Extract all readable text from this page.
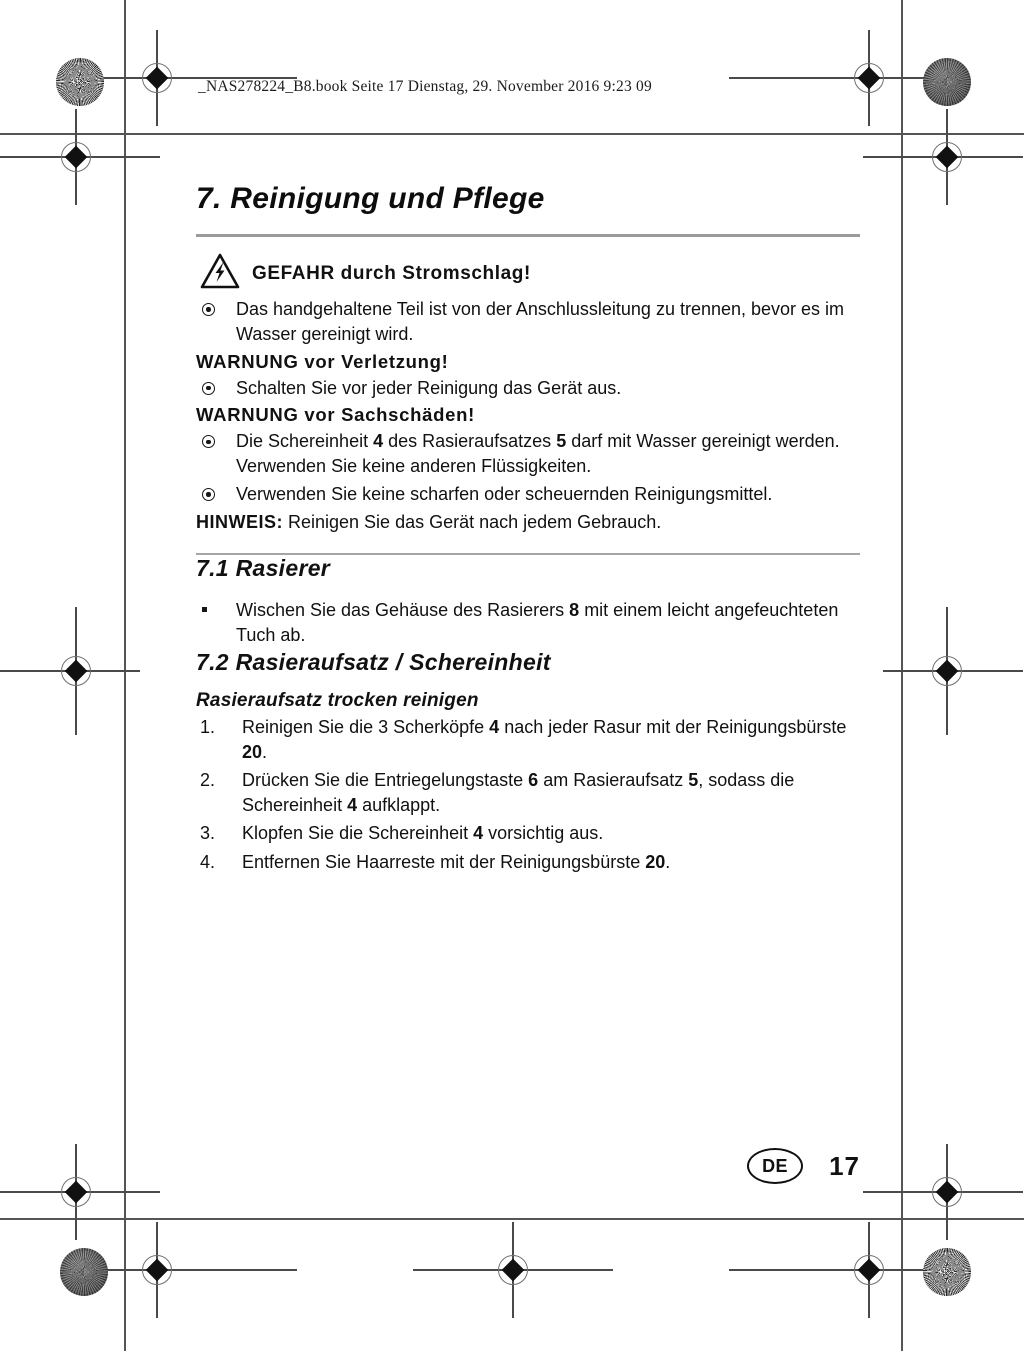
_NAS278224_B8.book Seite 17 Dienstag, 29. November 2016 9:23 09
7. Reinigung und Pflege
GEFAHR durch Stromschlag!
Das handgehaltene Teil ist von der Anschlussleitung zu trennen, bevor es im Wasser gereinigt wird.
WARNUNG vor Verletzung!
Schalten Sie vor jeder Reinigung das Gerät aus.
WARNUNG vor Sachschäden!
Die Schereinheit 4 des Rasieraufsatzes 5 darf mit Wasser gereinigt werden. Verwenden Sie keine anderen Flüssigkeiten.
Verwenden Sie keine scharfen oder scheuernden Reinigungsmittel.
HINWEIS: Reinigen Sie das Gerät nach jedem Gebrauch.
7.1 Rasierer
Wischen Sie das Gehäuse des Rasierers 8 mit einem leicht angefeuchteten Tuch ab.
7.2 Rasieraufsatz / Schereinheit
Rasieraufsatz trocken reinigen
1.	Reinigen Sie die 3 Scherköpfe 4 nach jeder Rasur mit der Reinigungsbürste 20.
2.	Drücken Sie die Entriegelungstaste 6 am Rasieraufsatz 5, sodass die Schereinheit 4 aufklappt.
3.	Klopfen Sie die Schereinheit 4 vorsichtig aus.
4.	Entfernen Sie Haarreste mit der Reinigungsbürste 20.
DE	17
